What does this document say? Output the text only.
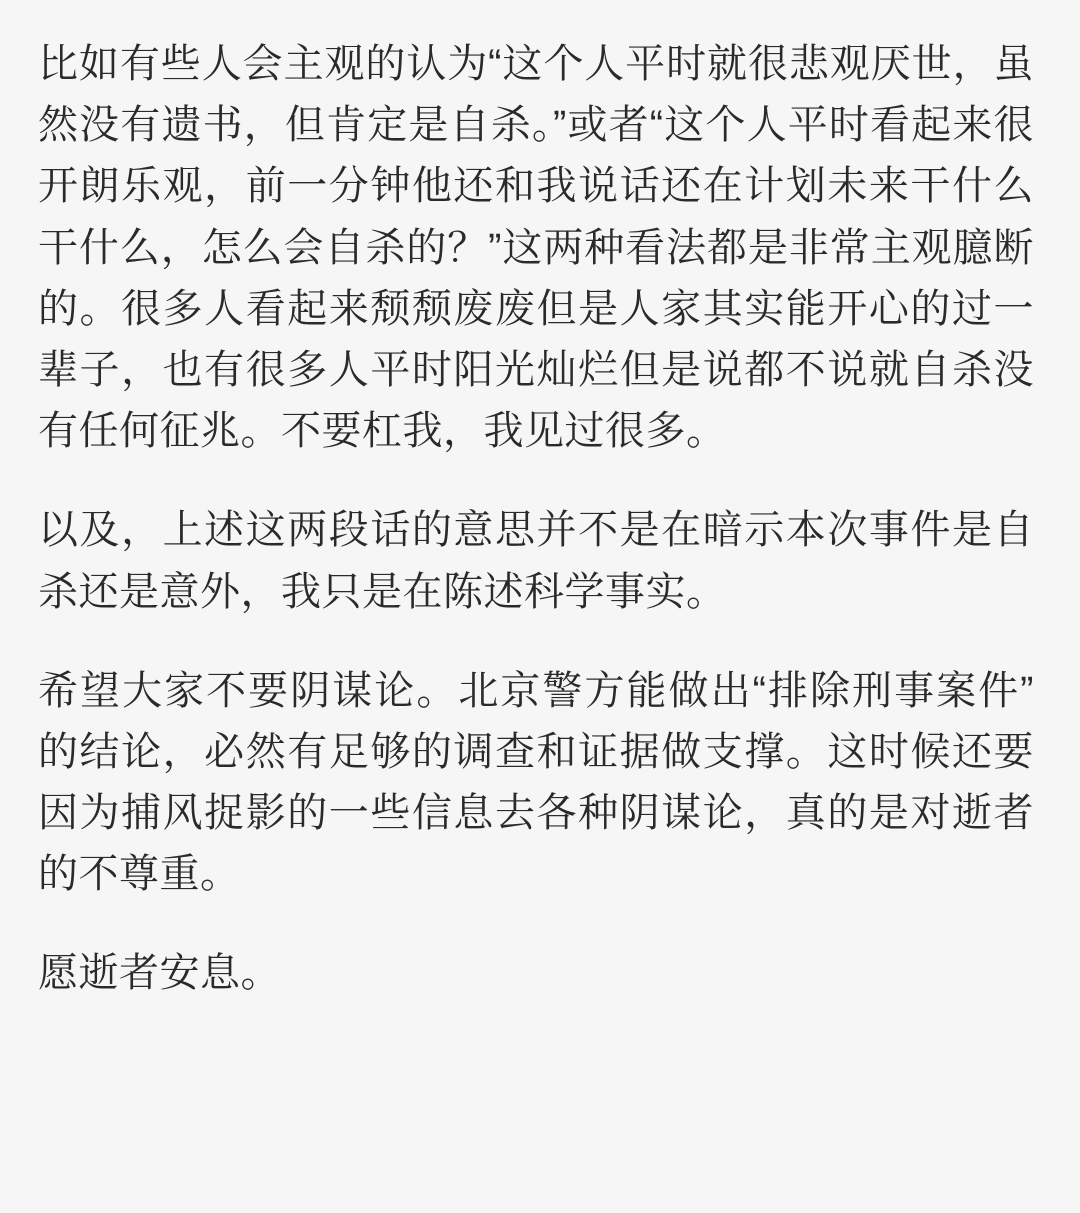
比如有些人会主观的认为“这个人平时就很悲观厌世，虽然没有遗书，但肯定是自杀。”或者“这个人平时看起来很开朗乐观，前一分钟他还和我说话还在计划未来干什么干什么，怎么会自杀的？”这两种看法都是非常主观臆断的。很多人看起来颓颓废废但是人家其实能开心的过一辈子，也有很多人平时阳光灿烂但是说都不说就自杀没有任何征兆。不要杠我，我见过很多。

以及，上述这两段话的意思并不是在暗示本次事件是自杀还是意外，我只是在陈述科学事实。

希望大家不要阴谋论。北京警方能做出“排除刑事案件”的结论，必然有足够的调查和证据做支撑。这时候还要因为捕风捉影的一些信息去各种阴谋论，真的是对逝者的不尊重。

愿逝者安息。
